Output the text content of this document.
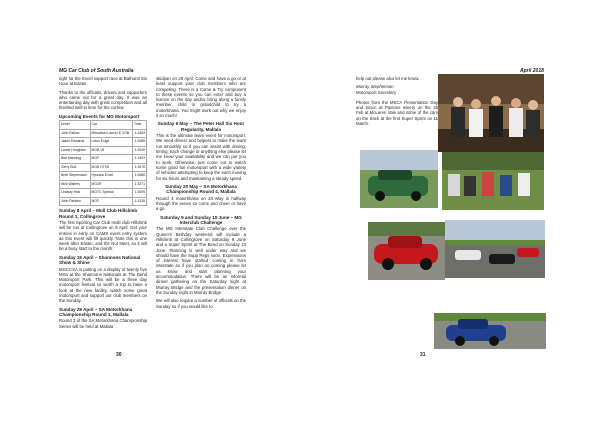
MG Car Club of South Australia	April 2018

right for the Excel support race at Bathurst Six Hour at Easter.

Thanks to the officials, drivers and supporters who came out for a great day. It was an entertaining day with great competition and all finished well in time for the curfew.

Upcoming Events for MG Motorsport
Driver	Car	Time
John Eakins	Mitsubishi Lancer E VOB	1:1663
Jason Edwards	Lotus Exige	1:2085
Laurie Houghton	MGB V8	1:2049
Bob Manning	MGF	1:2403
Gerry Bull	MGB GTV8	1:2676
Brett Stephenson	Hyundai Excel	1:3086
Nick Walters	MGZR	1:3271
Lindsay Hick	MGTC Special	1:3099
John Pantlen	MGF	1:3135
Sunday 8 April – Mull Club Hillclimb Round 1, Collingrove

The first Sporting Car Club multi club Hillclimb will be run at Collingrove on 8 April. Get your entries in early on CAMS event entry system as this event will fill quickly. Note this is one week after Easter, and the Nut Meet, so it will be a busy start to the month.

Sunday 15 April – Shannons National Show & Shine

MGCCSA is putting on a display of twenty five MGs at the Shannons Nationals at The Bend Motorsport Park. This will be a three day motorsport festival so worth a trip to have a look at the new facility, watch some great motorsport and support our club members on the Sunday.

Sunday 29 April – SA Motorkhana Championship Round 1, Mallala

Round 3 of the SA Motorkhana Championship Series will be held at Mallala

skidpan on 29 April. Come and have a go or at least support your club members who are competing. There is a Come & Try component to these events so you can enter and buy a licence on the day and/or bring along a family member, child or grandchild to try a motorkhana. You might work out why we enjoy it so much!

Sunday 6 May – The Peter Hall Six Hour Regularity, Mallala

This is the ultimate team event for motorsport. We need drivers and helpers to make the team run smoothly so if you can assist with driving, timing, each change or anything else please let me know your availability and we can put you to work. Otherwise, just come out to watch some good fun motorsport with a wide variety of vehicles attempting to keep the each moving for six hours and maintaining a steady speed.

Sunday 20 May – SA Motorkhana Championship Round 4, Mallala

Round 4 motorkhana on 20 May is halfway through the series so come and cheer or have a go.

Saturday 9 and Sunday 10 June – MG Interclub Challenge

The MG Interstate Club Challenge over the Queen's Birthday weekend will include a Hillclimb at Collingrove on Saturday 9 June and a Super Sprint at The Bend on Sunday 10 June. Planning is well under way and we should have the Supp Regs soon. Expressions of interest have started coming in from interstate so if you plan on coming please let us know and start planning your accommodation. There will be an informal dinner gathering on the Saturday night at Murray Bridge and the presentation dinner on the Sunday night in Murray Bridge.

We will also require a number of officials on the Sunday so if you would like to

30

help out please also let me know.

Murray Stephenson
Motorsport Secretary

Photos from the MSCA Presentation Day and picnic at Paxtons winery on the 25 Feb at McLaren Vale and some of the cars on the track at the first Super Sprint on 11 March.

31
